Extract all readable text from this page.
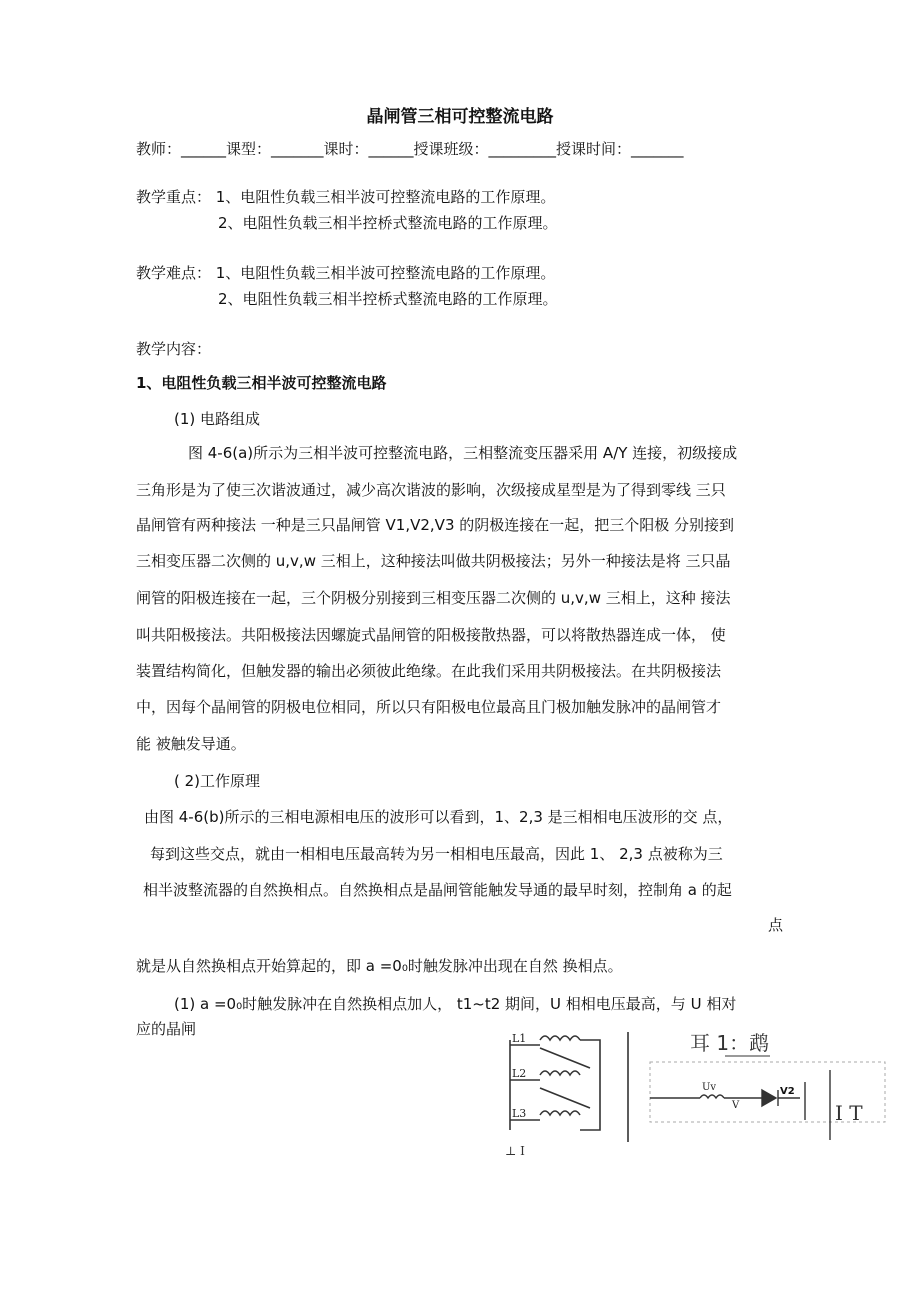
晶闸管三相可控整流电路
教师：______课型：_______课时：______授课班级：_________授课时间：_______
教学重点： 1、电阻性负载三相半波可控整流电路的工作原理。
2、电阻性负载三相半控桥式整流电路的工作原理。
教学难点： 1、电阻性负载三相半波可控整流电路的工作原理。
2、电阻性负载三相半控桥式整流电路的工作原理。
教学内容：
1、电阻性负载三相半波可控整流电路
(1) 电路组成
图 4-6(a)所示为三相半波可控整流电路，三相整流变压器采用 A/Y 连接，初级接成
三角形是为了使三次谐波通过，减少高次谐波的影响，次级接成星型是为了得到零线 三只
晶闸管有两种接法 一种是三只晶闸管 V1,V2,V3 的阴极连接在一起，把三个阳极 分别接到
三相变压器二次侧的 u,v,w 三相上，这种接法叫做共阴极接法；另外一种接法是将 三只晶
闸管的阳极连接在一起，三个阴极分别接到三相变压器二次侧的 u,v,w 三相上，这种 接法
叫共阳极接法。共阳极接法因螺旋式晶闸管的阳极接散热器，可以将散热器连成一体， 使
装置结构简化，但触发器的输出必须彼此绝缘。在此我们采用共阴极接法。在共阴极接法
中，因每个晶闸管的阴极电位相同，所以只有阳极电位最高且门极加触发脉冲的晶闸管才
能 被触发导通。
( 2)工作原理
由图 4-6(b)所示的三相电源相电压的波形可以看到，1、2,3 是三相相电压波形的交 点，
每到这些交点，就由一相相电压最高转为另一相相电压最高，因此 1、 2,3 点被称为三
相半波整流器的自然换相点。自然换相点是晶闸管能触发导通的最早时刻，控制角 a 的起
点
就是从自然换相点开始算起的，即 a =0₀时触发脉冲出现在自然 换相点。
(1) a =0₀时触发脉冲在自然换相点加人， t1~t2 期间，U 相相电压最高，与 U 相对
应的晶闸
L1
L2
L3
耳 1：鹉
Uv
V
V2
I T
⊥ I
